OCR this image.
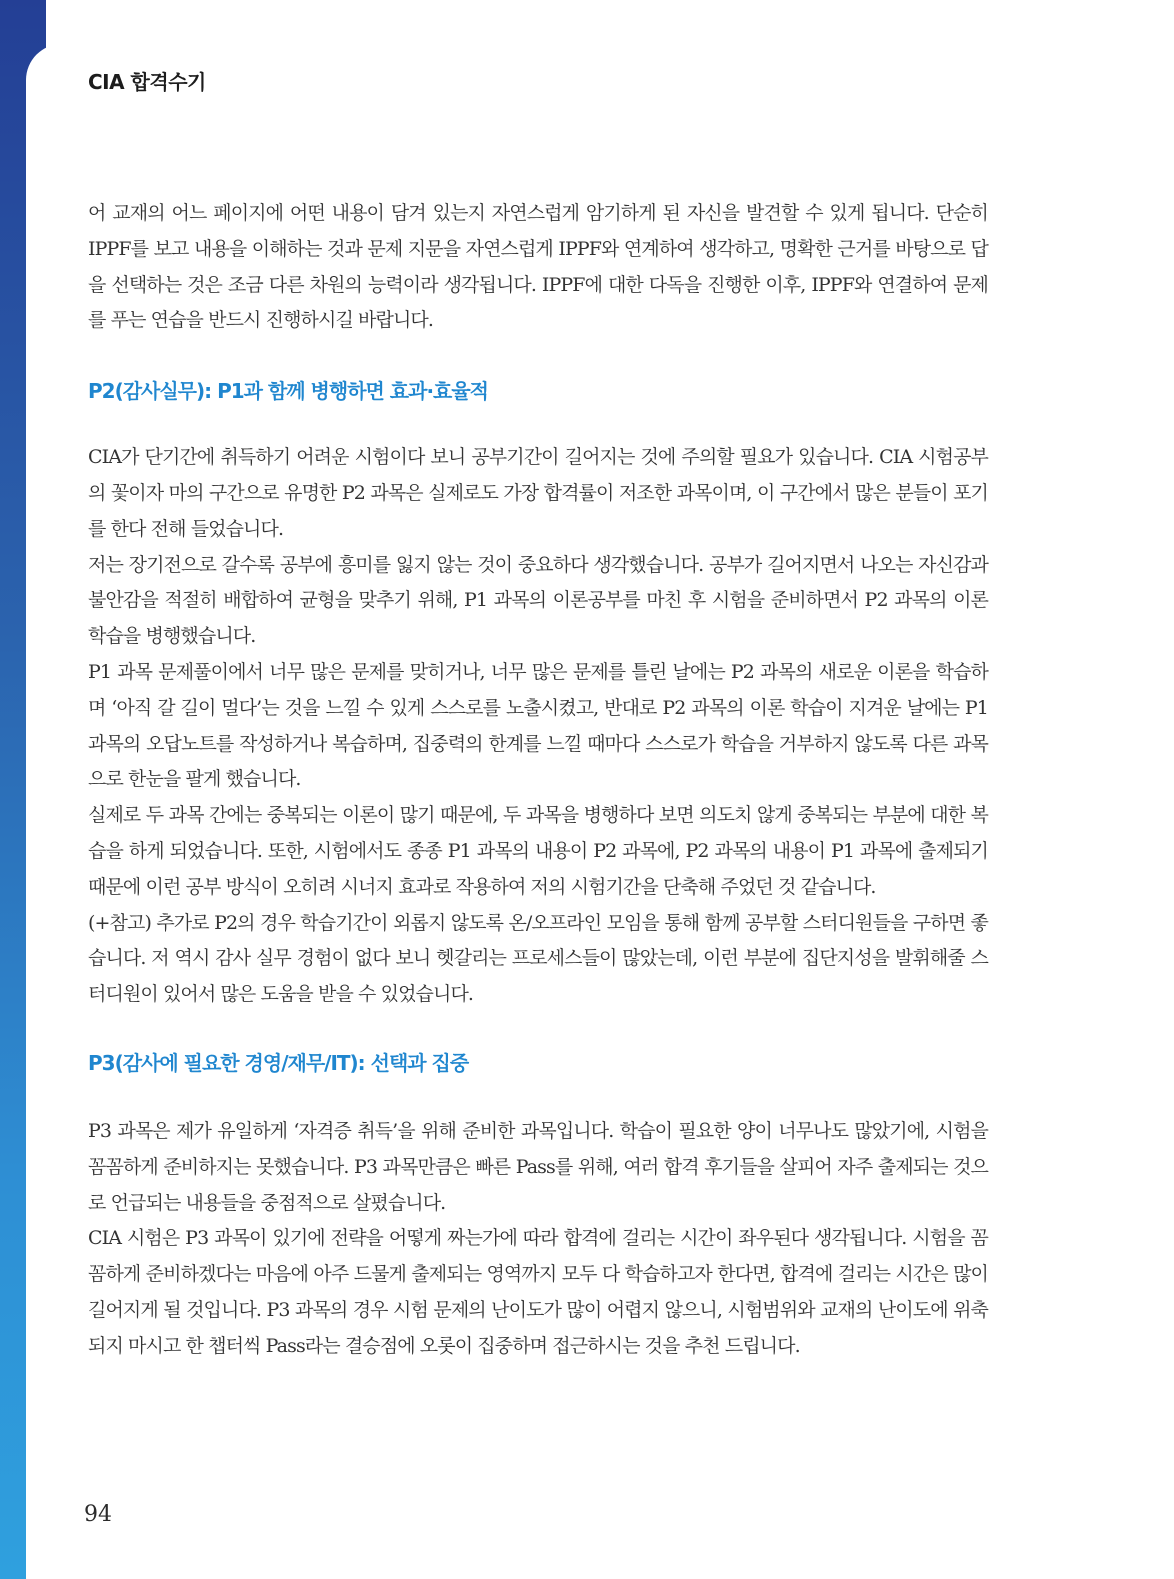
CIA 합격수기

어 교재의 어느 페이지에 어떤 내용이 담겨 있는지 자연스럽게 암기하게 된 자신을 발견할 수 있게 됩니다. 단순히 IPPF를 보고 내용을 이해하는 것과 문제 지문을 자연스럽게 IPPF와 연계하여 생각하고, 명확한 근거를 바탕으로 답을 선택하는 것은 조금 다른 차원의 능력이라 생각됩니다. IPPF에 대한 다독을 진행한 이후, IPPF와 연결하여 문제를 푸는 연습을 반드시 진행하시길 바랍니다.

P2(감사실무): P1과 함께 병행하면 효과·효율적

CIA가 단기간에 취득하기 어려운 시험이다 보니 공부기간이 길어지는 것에 주의할 필요가 있습니다. CIA 시험공부의 꽃이자 마의 구간으로 유명한 P2 과목은 실제로도 가장 합격률이 저조한 과목이며, 이 구간에서 많은 분들이 포기를 한다 전해 들었습니다.

저는 장기전으로 갈수록 공부에 흥미를 잃지 않는 것이 중요하다 생각했습니다. 공부가 길어지면서 나오는 자신감과 불안감을 적절히 배합하여 균형을 맞추기 위해, P1 과목의 이론공부를 마친 후 시험을 준비하면서 P2 과목의 이론 학습을 병행했습니다.

P1 과목 문제풀이에서 너무 많은 문제를 맞히거나, 너무 많은 문제를 틀린 날에는 P2 과목의 새로운 이론을 학습하며 ‘아직 갈 길이 멀다’는 것을 느낄 수 있게 스스로를 노출시켰고, 반대로 P2 과목의 이론 학습이 지겨운 날에는 P1 과목의 오답노트를 작성하거나 복습하며, 집중력의 한계를 느낄 때마다 스스로가 학습을 거부하지 않도록 다른 과목으로 한눈을 팔게 했습니다.

실제로 두 과목 간에는 중복되는 이론이 많기 때문에, 두 과목을 병행하다 보면 의도치 않게 중복되는 부분에 대한 복습을 하게 되었습니다. 또한, 시험에서도 종종 P1 과목의 내용이 P2 과목에, P2 과목의 내용이 P1 과목에 출제되기 때문에 이런 공부 방식이 오히려 시너지 효과로 작용하여 저의 시험기간을 단축해 주었던 것 같습니다.

(+참고) 추가로 P2의 경우 학습기간이 외롭지 않도록 온/오프라인 모임을 통해 함께 공부할 스터디원들을 구하면 좋습니다. 저 역시 감사 실무 경험이 없다 보니 헷갈리는 프로세스들이 많았는데, 이런 부분에 집단지성을 발휘해줄 스터디원이 있어서 많은 도움을 받을 수 있었습니다.

P3(감사에 필요한 경영/재무/IT): 선택과 집중

P3 과목은 제가 유일하게 ‘자격증 취득’을 위해 준비한 과목입니다. 학습이 필요한 양이 너무나도 많았기에, 시험을 꼼꼼하게 준비하지는 못했습니다. P3 과목만큼은 빠른 Pass를 위해, 여러 합격 후기들을 살피어 자주 출제되는 것으로 언급되는 내용들을 중점적으로 살폈습니다.

CIA 시험은 P3 과목이 있기에 전략을 어떻게 짜는가에 따라 합격에 걸리는 시간이 좌우된다 생각됩니다. 시험을 꼼꼼하게 준비하겠다는 마음에 아주 드물게 출제되는 영역까지 모두 다 학습하고자 한다면, 합격에 걸리는 시간은 많이 길어지게 될 것입니다. P3 과목의 경우 시험 문제의 난이도가 많이 어렵지 않으니, 시험범위와 교재의 난이도에 위축되지 마시고 한 챕터씩 Pass라는 결승점에 오롯이 집중하며 접근하시는 것을 추천 드립니다.

94
